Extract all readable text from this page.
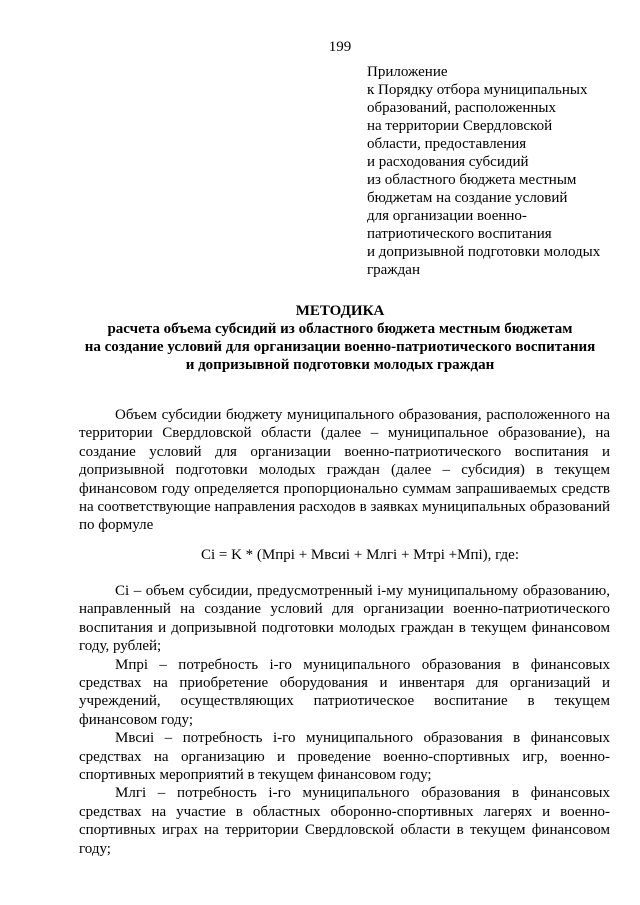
199
Приложение
к Порядку отбора муниципальных
образований, расположенных
на территории Свердловской
области, предоставления
и расходования субсидий
из областного бюджета местным
бюджетам на создание условий
для организации военно-
патриотического воспитания
и допризывной подготовки молодых
граждан
МЕТОДИКА
расчета объема субсидий из областного бюджета местным бюджетам
на создание условий для организации военно-патриотического воспитания
и допризывной подготовки молодых граждан

Объем субсидии бюджету муниципального образования, расположенного на территории Свердловской области (далее – муниципальное образование), на создание условий для организации военно-патриотического воспитания и допризывной подготовки молодых граждан (далее – субсидия) в текущем финансовом году определяется пропорционально суммам запрашиваемых средств на соответствующие направления расходов в заявках муниципальных образований по формуле

Ci = K * (Мпрi + Мвсиi + Млгi + Мтрi +Мпi), где:

Ci – объем субсидии, предусмотренный i-му муниципальному образованию, направленный на создание условий для организации военно-патриотического воспитания и допризывной подготовки молодых граждан в текущем финансовом году, рублей;

Мпрi – потребность i-го муниципального образования в финансовых средствах на приобретение оборудования и инвентаря для организаций и учреждений, осуществляющих патриотическое воспитание в текущем финансовом году;

Мвсиi – потребность i-го муниципального образования в финансовых средствах на организацию и проведение военно-спортивных игр, военно-спортивных мероприятий в текущем финансовом году;

Млгi – потребность i-го муниципального образования в финансовых средствах на участие в областных оборонно-спортивных лагерях и военно-спортивных играх на территории Свердловской области в текущем финансовом году;
